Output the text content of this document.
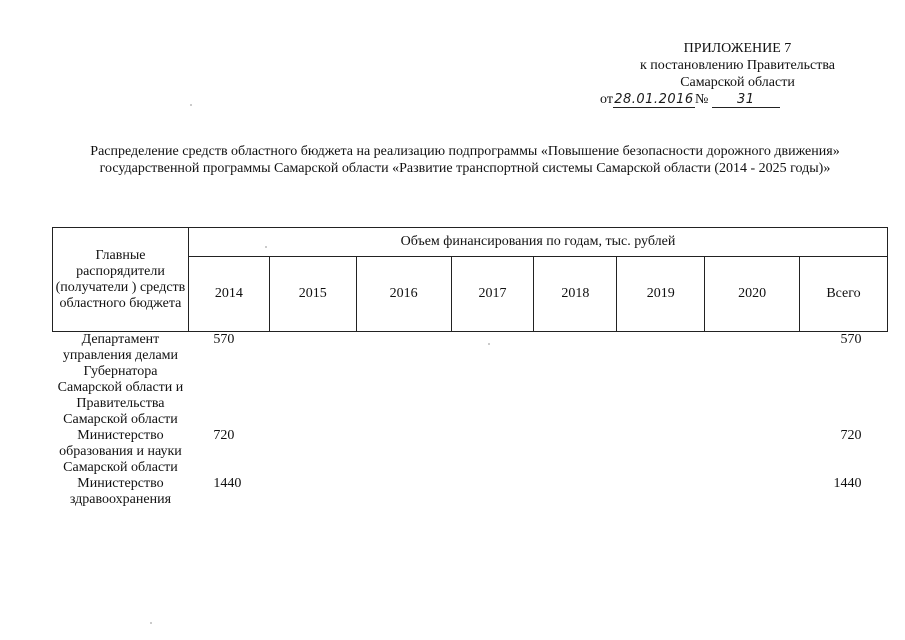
ПРИЛОЖЕНИЕ 7
к постановлению Правительства
Самарской области
от28.01.2016№ 31
Распределение средств областного бюджета на реализацию подпрограммы «Повышение безопасности дорожного движения» государственной программы Самарской области «Развитие транспортной системы Самарской области (2014 - 2025 годы)»
Главные распорядители (получатели ) средств областного бюджета	Объем финансирования по годам, тыс. рублей							
	2014	2015	2016	2017	2018	2019	2020	Всего
Департамент управления делами Губернатора Самарской области и Правительства Самарской области	570							570
Министерство образования и науки Самарской области	720							720
Министерство здравоохранения	1440							1440
